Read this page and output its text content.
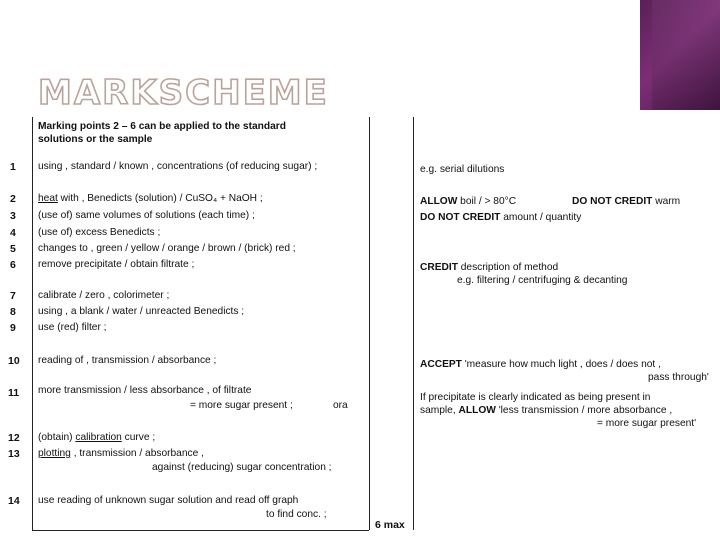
MARKSCHEME
Marking points 2 – 6 can be applied to the standard
solutions or the sample
1
2
3
4
5
6
7
8
9
10
11
12
13
14
using , standard / known , concentrations (of reducing sugar) ;
heat with , Benedicts (solution) / CuSO₄ + NaOH ;
(use of) same volumes of solutions (each time) ;
(use of) excess Benedicts ;
changes to , green / yellow / orange / brown / (brick) red ;
remove precipitate / obtain filtrate ;
calibrate / zero , colorimeter ;
using , a blank / water / unreacted Benedicts ;
use (red) filter ;
reading of , transmission / absorbance ;
more transmission / less absorbance , of filtrate
= more sugar present ;	ora
(obtain) calibration curve ;
plotting , transmission / absorbance ,
against (reducing) sugar concentration ;
use reading of unknown sugar solution and read off graph
to find conc. ;
6 max
e.g. serial dilutions
ALLOW boil / > 80°C	DO NOT CREDIT warm
DO NOT CREDIT amount / quantity
CREDIT description of method
e.g. filtering / centrifuging & decanting
ACCEPT 'measure how much light , does / does not ,
pass through'
If precipitate is clearly indicated as being present in
sample, ALLOW 'less transmission / more absorbance ,
= more sugar present'
